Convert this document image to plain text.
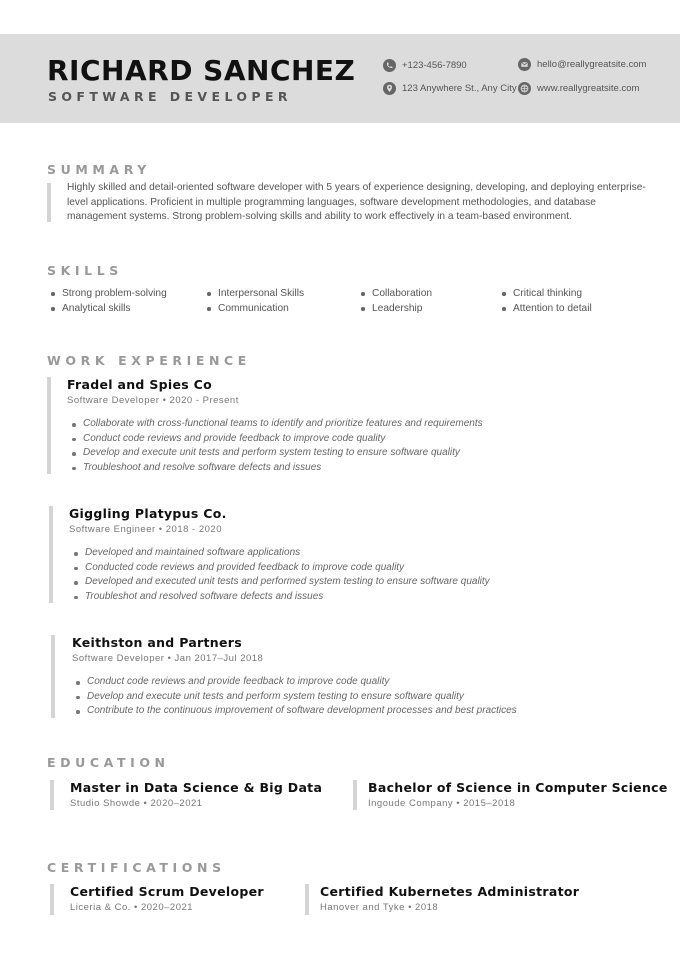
RICHARD SANCHEZ
SOFTWARE DEVELOPER
+123-456-7890
123 Anywhere St., Any City
hello@reallygreatsite.com
www.reallygreatsite.com
SUMMARY
Highly skilled and detail-oriented software developer with 5 years of experience designing, developing, and deploying enterprise-level applications. Proficient in multiple programming languages, software development methodologies, and database management systems. Strong problem-solving skills and ability to work effectively in a team-based environment.
SKILLS
Strong problem-solving
Analytical skills
Interpersonal Skills
Communication
Collaboration
Leadership
Critical thinking
Attention to detail
WORK EXPERIENCE
Fradel and Spies Co
Software Developer • 2020 - Present
Collaborate with cross-functional teams to identify and prioritize features and requirements
Conduct code reviews and provide feedback to improve code quality
Develop and execute unit tests and perform system testing to ensure software quality
Troubleshoot and resolve software defects and issues
Giggling Platypus Co.
Software Engineer • 2018 - 2020
Developed and maintained software applications
Conducted code reviews and provided feedback to improve code quality
Developed and executed unit tests and performed system testing to ensure software quality
Troubleshot and resolved software defects and issues
Keithston and Partners
Software Developer • Jan 2017–Jul 2018
Conduct code reviews and provide feedback to improve code quality
Develop and execute unit tests and perform system testing to ensure software quality
Contribute to the continuous improvement of software development processes and best practices
EDUCATION
Master in Data Science & Big Data
Studio Showde • 2020–2021
Bachelor of Science in Computer Science
Ingoude Company • 2015–2018
CERTIFICATIONS
Certified Scrum Developer
Liceria & Co. • 2020–2021
Certified Kubernetes Administrator
Hanover and Tyke • 2018
